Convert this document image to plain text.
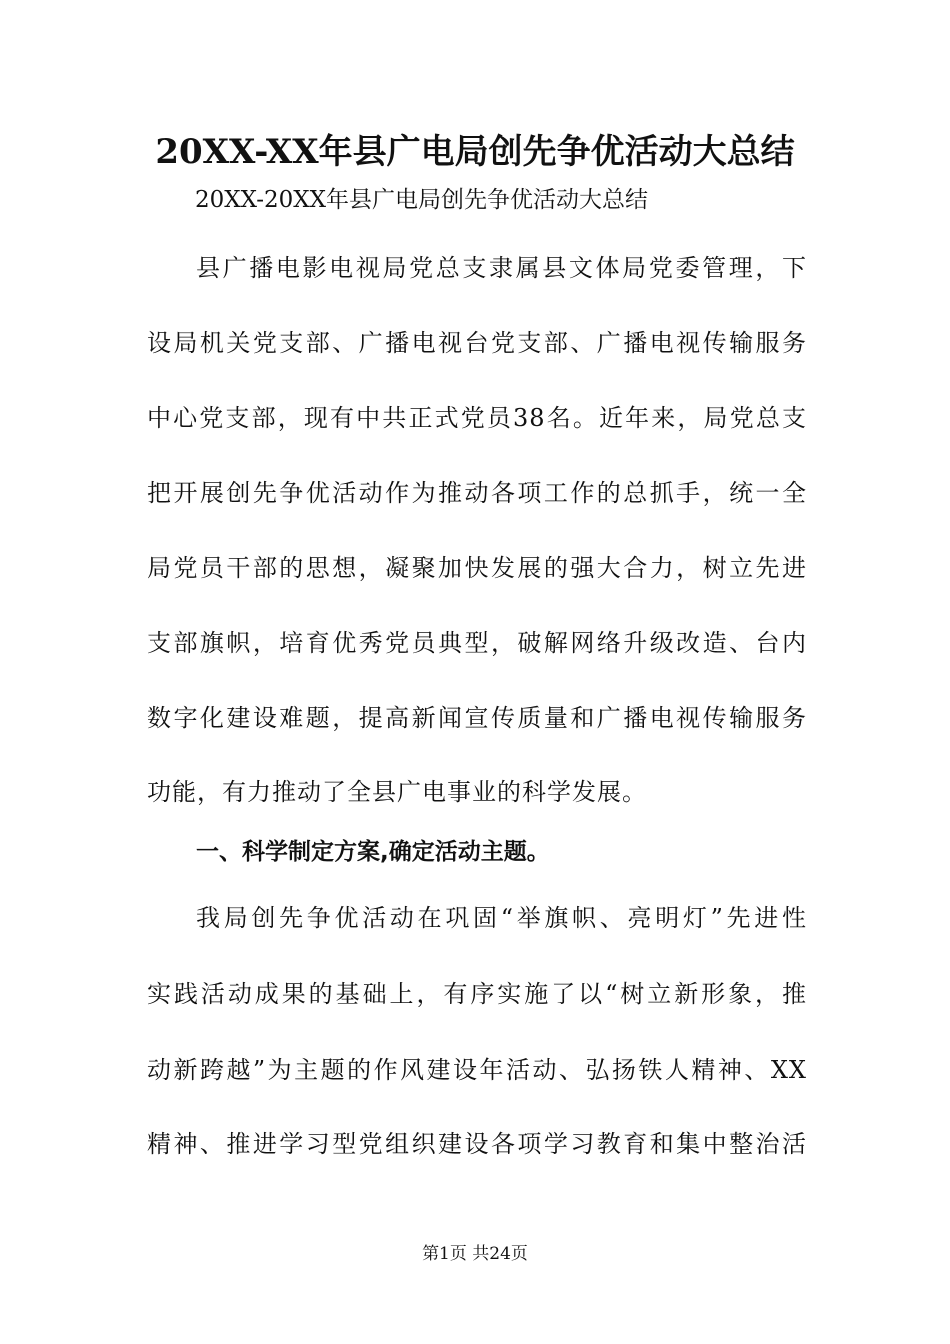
20XX-XX年县广电局创先争优活动大总结
20XX-20XX年县广电局创先争优活动大总结
县广播电影电视局党总支隶属县文体局党委管理，下
设局机关党支部、广播电视台党支部、广播电视传输服务
中心党支部，现有中共正式党员38名。近年来，局党总支
把开展创先争优活动作为推动各项工作的总抓手，统一全
局党员干部的思想，凝聚加快发展的强大合力，树立先进
支部旗帜，培育优秀党员典型，破解网络升级改造、台内
数字化建设难题，提高新闻宣传质量和广播电视传输服务
功能，有力推动了全县广电事业的科学发展。
一、科学制定方案,确定活动主题。
我局创先争优活动在巩固“举旗帜、亮明灯”先进性
实践活动成果的基础上，有序实施了以“树立新形象，推
动新跨越”为主题的作风建设年活动、弘扬铁人精神、XX
精神、推进学习型党组织建设各项学习教育和集中整治活
第1页 共24页
